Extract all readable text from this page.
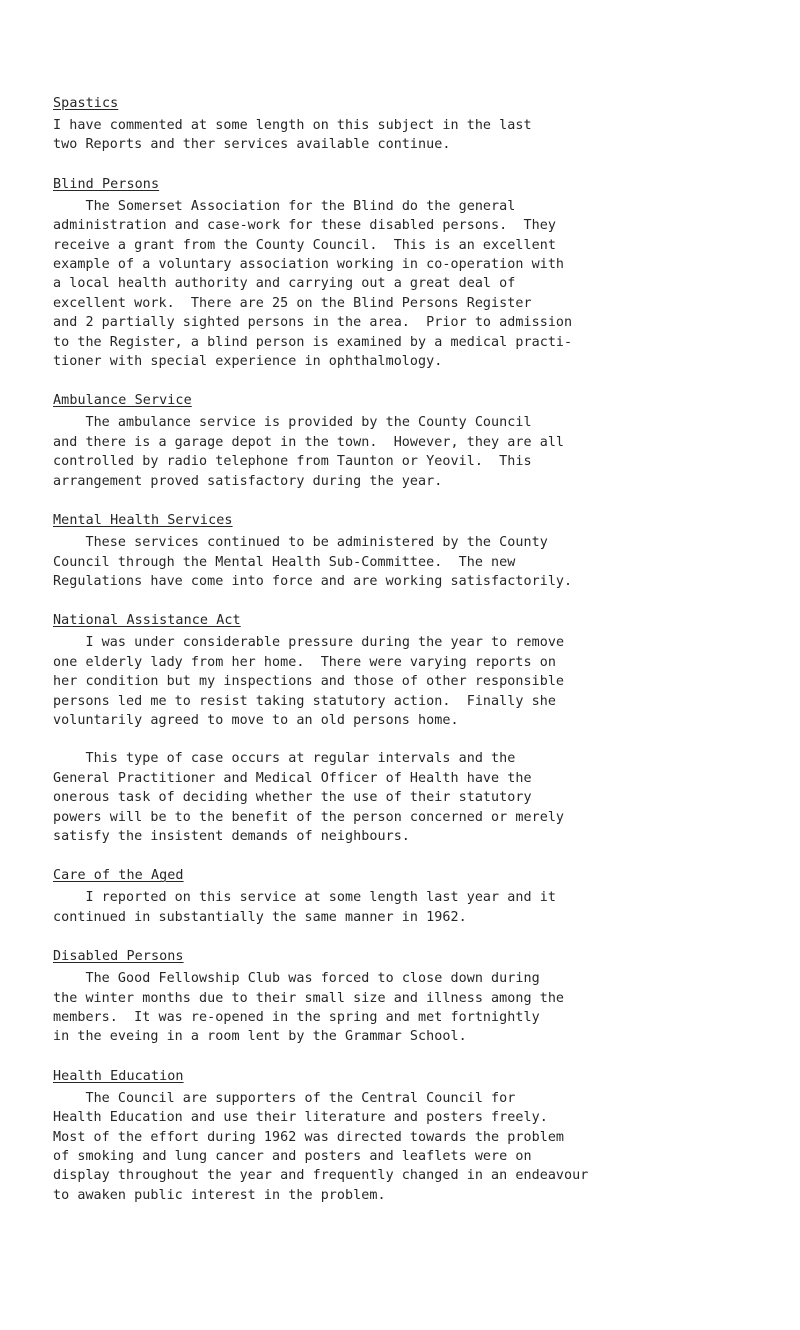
Spastics

I have commented at some length on this subject in the last
two Reports and ther services available continue.

Blind Persons

The Somerset Association for the Blind do the general
administration and case-work for these disabled persons.  They
receive a grant from the County Council.  This is an excellent
example of a voluntary association working in co-operation with
a local health authority and carrying out a great deal of
excellent work.  There are 25 on the Blind Persons Register
and 2 partially sighted persons in the area.  Prior to admission
to the Register, a blind person is examined by a medical practi-
tioner with special experience in ophthalmology.

Ambulance Service

The ambulance service is provided by the County Council
and there is a garage depot in the town.  However, they are all
controlled by radio telephone from Taunton or Yeovil.  This
arrangement proved satisfactory during the year.

Mental Health Services

These services continued to be administered by the County
Council through the Mental Health Sub-Committee.  The new
Regulations have come into force and are working satisfactorily.

National Assistance Act

I was under considerable pressure during the year to remove
one elderly lady from her home.  There were varying reports on
her condition but my inspections and those of other responsible
persons led me to resist taking statutory action.  Finally she
voluntarily agreed to move to an old persons home.

This type of case occurs at regular intervals and the
General Practitioner and Medical Officer of Health have the
onerous task of deciding whether the use of their statutory
powers will be to the benefit of the person concerned or merely
satisfy the insistent demands of neighbours.

Care of the Aged

I reported on this service at some length last year and it
continued in substantially the same manner in 1962.

Disabled Persons

The Good Fellowship Club was forced to close down during
the winter months due to their small size and illness among the
members.  It was re-opened in the spring and met fortnightly
in the eveing in a room lent by the Grammar School.

Health Education

The Council are supporters of the Central Council for
Health Education and use their literature and posters freely.
Most of the effort during 1962 was directed towards the problem
of smoking and lung cancer and posters and leaflets were on
display throughout the year and frequently changed in an endeavour
to awaken public interest in the problem.
